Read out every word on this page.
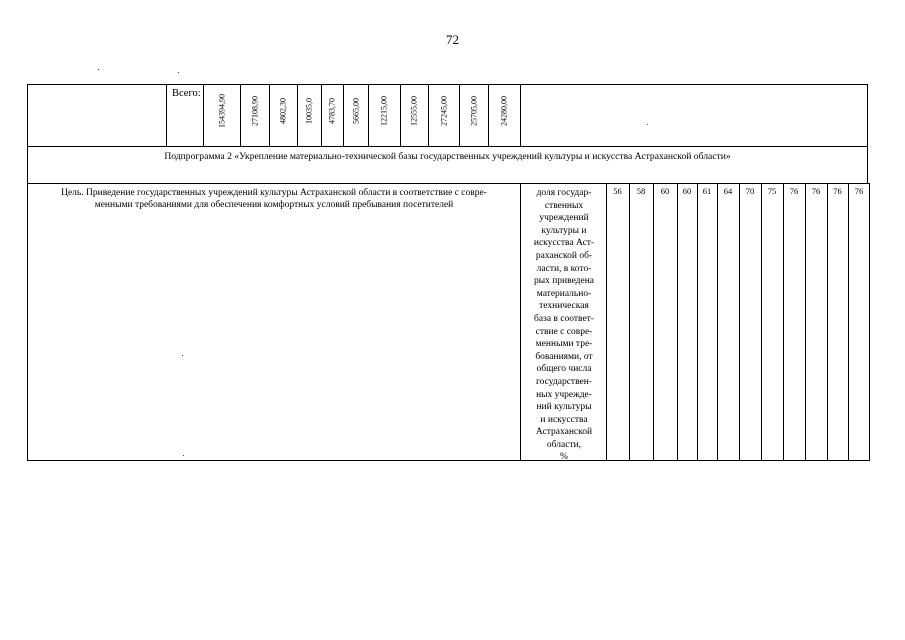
72
Всего:
154394,90	27108,90 4802,30 10035,0 4783,70 5665,00 12215,00	12555,00	27245,00	25705,00	24280,00
Подпрограмма 2 «Укрепление материально-технической базы государственных учреждений культуры и искусства Астраханской области»
Цель. Приведение государственных учреждений культуры Астраханской области в соответствие с совре-
менными требованиями для обеспечения комфортных условий пребывания посетителей
доля государ-
ственных
учреждений
культуры и
искусства Аст-
раханской об-
ласти, в кото-
рых приведена
материально-
техническая
база в соответ-
ствие с совре-
менными тре-
бованиями, от
общего числа
государствен-
ных учрежде-
ний культуры
и искусства
Астраханской
области,
%
56	58	60	60	61	64	70	75	76	76	76	76
